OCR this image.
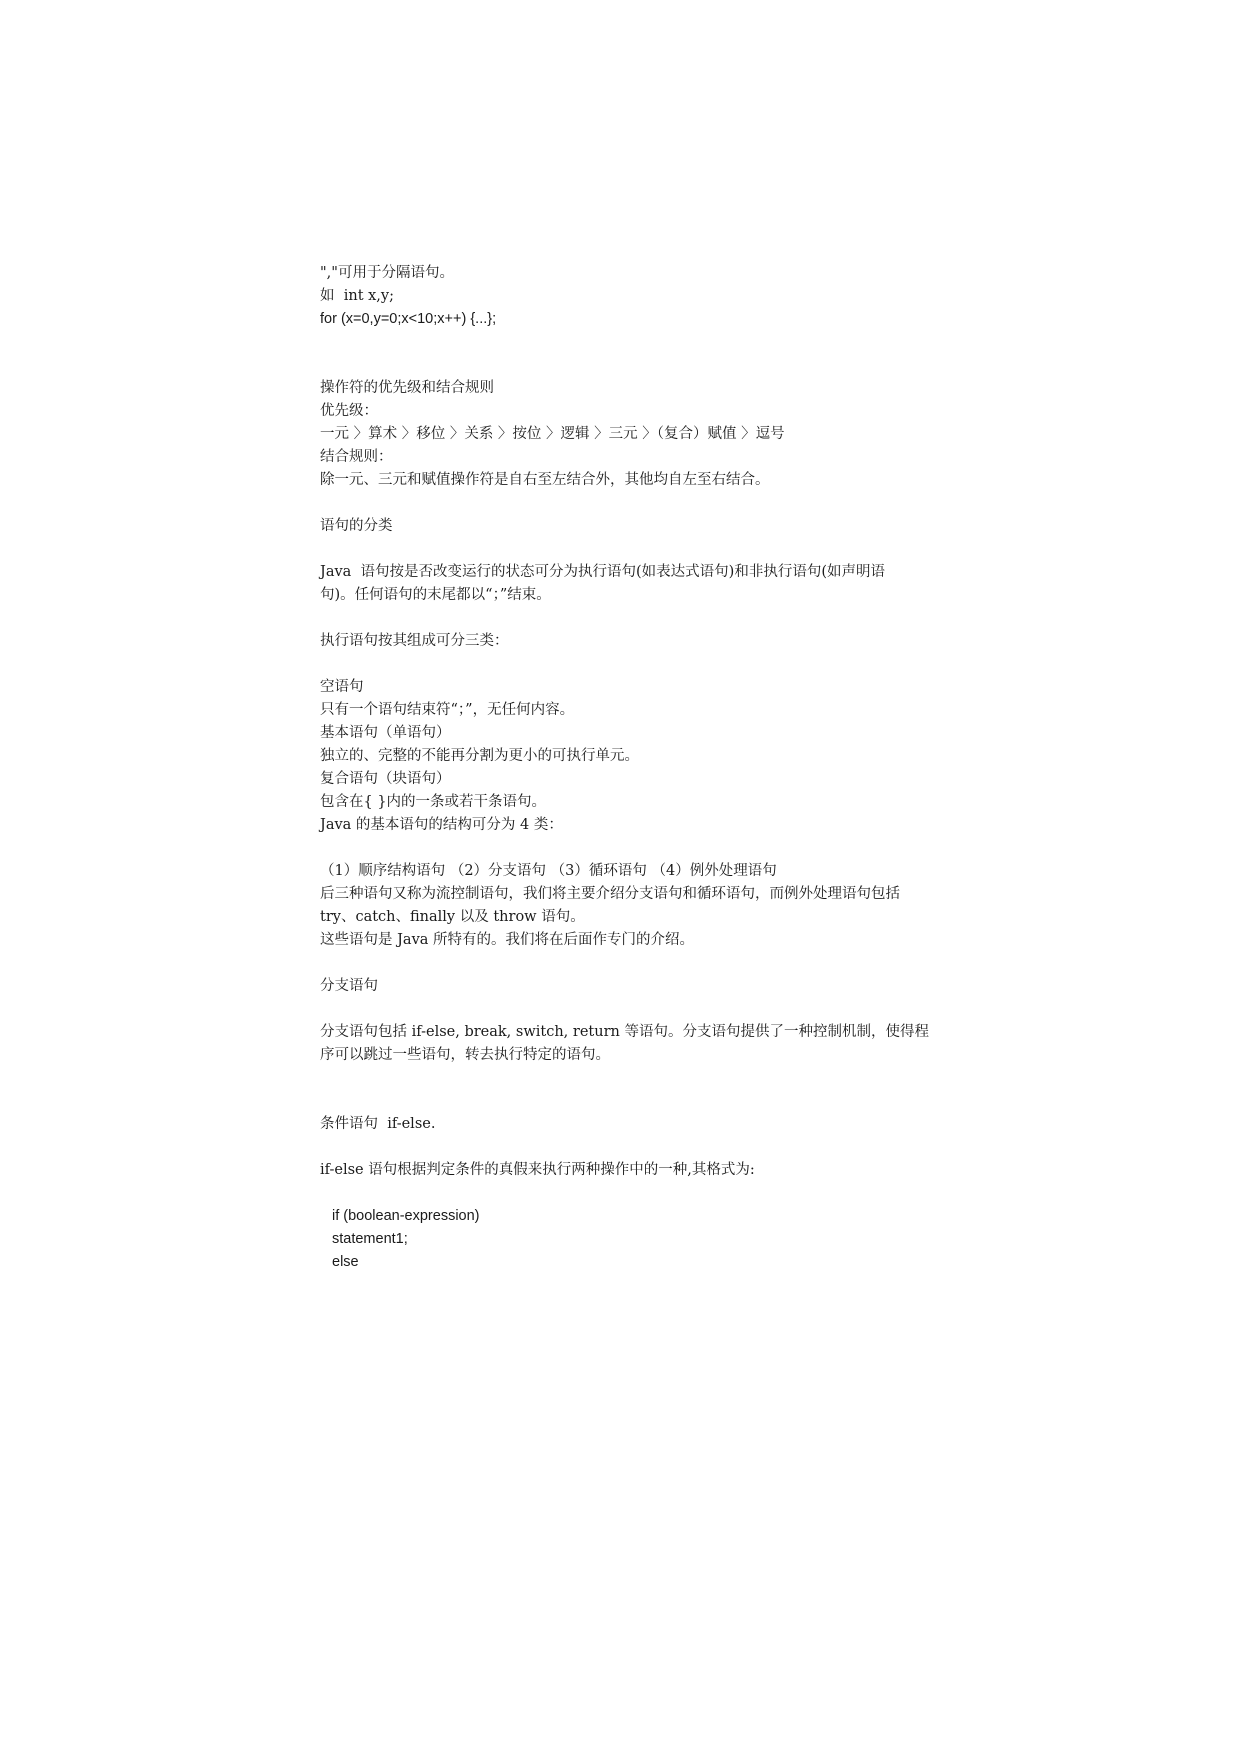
","可用于分隔语句。

如  int x,y;

for (x=0,y=0;x<10;x++) {...};

操作符的优先级和结合规则

优先级：

一元 〉算术 〉移位 〉关系 〉按位 〉逻辑 〉三元 〉（复合）赋值 〉逗号

结合规则：

除一元、三元和赋值操作符是自右至左结合外，其他均自左至右结合。

语句的分类

Java  语句按是否改变运行的状态可分为执行语句(如表达式语句)和非执行语句(如声明语

句)。任何语句的末尾都以“；”结束。

执行语句按其组成可分三类：

空语句

只有一个语句结束符“；”，无任何内容。

基本语句（单语句）

独立的、完整的不能再分割为更小的可执行单元。

复合语句（块语句）

包含在{ }内的一条或若干条语句。

Java 的基本语句的结构可分为 4 类：

（1）顺序结构语句 （2）分支语句 （3）循环语句 （4）例外处理语句

后三种语句又称为流控制语句，我们将主要介绍分支语句和循环语句，而例外处理语句包括

try、catch、finally 以及 throw 语句。

这些语句是 Java 所特有的。我们将在后面作专门的介绍。

分支语句

分支语句包括 if-else, break, switch, return 等语句。分支语句提供了一种控制机制，使得程

序可以跳过一些语句，转去执行特定的语句。

条件语句  if-else.

if-else 语句根据判定条件的真假来执行两种操作中的一种,其格式为:

if (boolean-expression)

statement1;

else
